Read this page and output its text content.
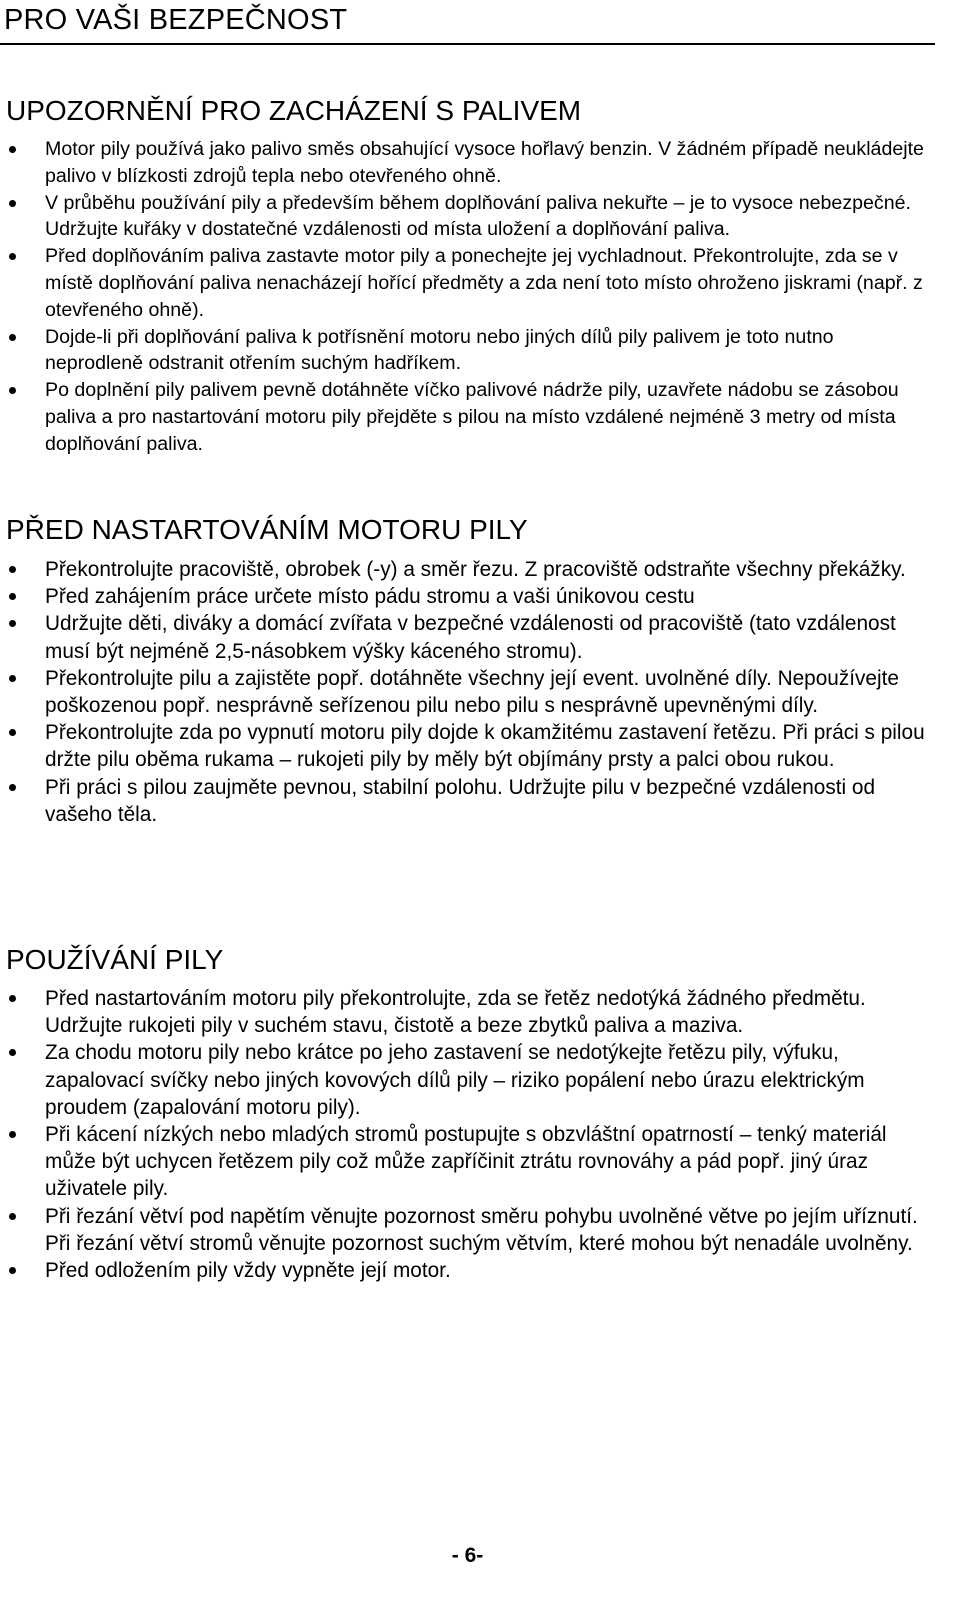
PRO VAŠI BEZPEČNOST
UPOZORNĚNÍ PRO ZACHÁZENÍ S PALIVEM
Motor pily používá jako palivo směs obsahující vysoce hořlavý benzin. V žádném případě neukládejte palivo v blízkosti zdrojů tepla nebo otevřeného ohně.
V průběhu používání pily a především během doplňování paliva nekuřte – je to vysoce nebezpečné. Udržujte kuřáky v dostatečné vzdálenosti od místa uložení a doplňování paliva.
Před doplňováním paliva zastavte motor pily a ponechejte jej vychladnout. Překontrolujte, zda se v místě doplňování paliva nenacházejí hořící předměty a zda není toto místo ohroženo jiskrami (např. z otevřeného ohně).
Dojde-li při doplňování paliva k potřísnění motoru nebo jiných dílů pily palivem je toto nutno neprodleně odstranit otřením suchým hadříkem.
Po doplnění pily palivem pevně dotáhněte víčko palivové nádrže pily, uzavřete nádobu se zásobou paliva a pro nastartování motoru pily přejděte s pilou na místo vzdálené nejméně 3 metry od místa doplňování paliva.
PŘED NASTARTOVÁNÍM MOTORU PILY
Překontrolujte pracoviště, obrobek (-y) a směr řezu. Z pracoviště odstraňte všechny překážky.
Před zahájením práce určete místo pádu stromu a vaši únikovou cestu
Udržujte děti, diváky a domácí zvířata v bezpečné vzdálenosti od pracoviště (tato vzdálenost musí být nejméně 2,5-násobkem výšky káceného stromu).
Překontrolujte pilu a zajistěte popř. dotáhněte všechny její event. uvolněné díly. Nepoužívejte poškozenou popř. nesprávně seřízenou pilu nebo pilu s nesprávně upevněnými díly.
Překontrolujte zda po vypnutí motoru pily dojde k okamžitému zastavení řetězu. Při práci s pilou držte pilu oběma rukama – rukojeti pily by měly být objímány prsty a palci obou rukou.
Při práci s pilou zaujměte pevnou, stabilní polohu. Udržujte pilu v bezpečné vzdálenosti od vašeho těla.
POUŽÍVÁNÍ PILY
Před nastartováním motoru pily překontrolujte, zda se řetěz nedotýká žádného předmětu. Udržujte rukojeti pily v suchém stavu, čistotě a beze zbytků paliva a maziva.
Za chodu motoru pily nebo krátce po jeho zastavení se nedotýkejte řetězu pily, výfuku, zapalovací svíčky nebo jiných kovových dílů pily – riziko popálení nebo úrazu elektrickým proudem (zapalování motoru pily).
Při kácení nízkých nebo mladých stromů postupujte s obzvláštní opatrností – tenký materiál může být uchycen řetězem pily což může zapříčinit ztrátu rovnováhy a pád popř. jiný úraz uživatele pily.
Při řezání větví pod napětím věnujte pozornost směru pohybu uvolněné větve po jejím uříznutí. Při řezání větví stromů věnujte pozornost suchým větvím, které mohou být nenadále uvolněny.
Před odložením pily vždy vypněte její motor.
- 6-
